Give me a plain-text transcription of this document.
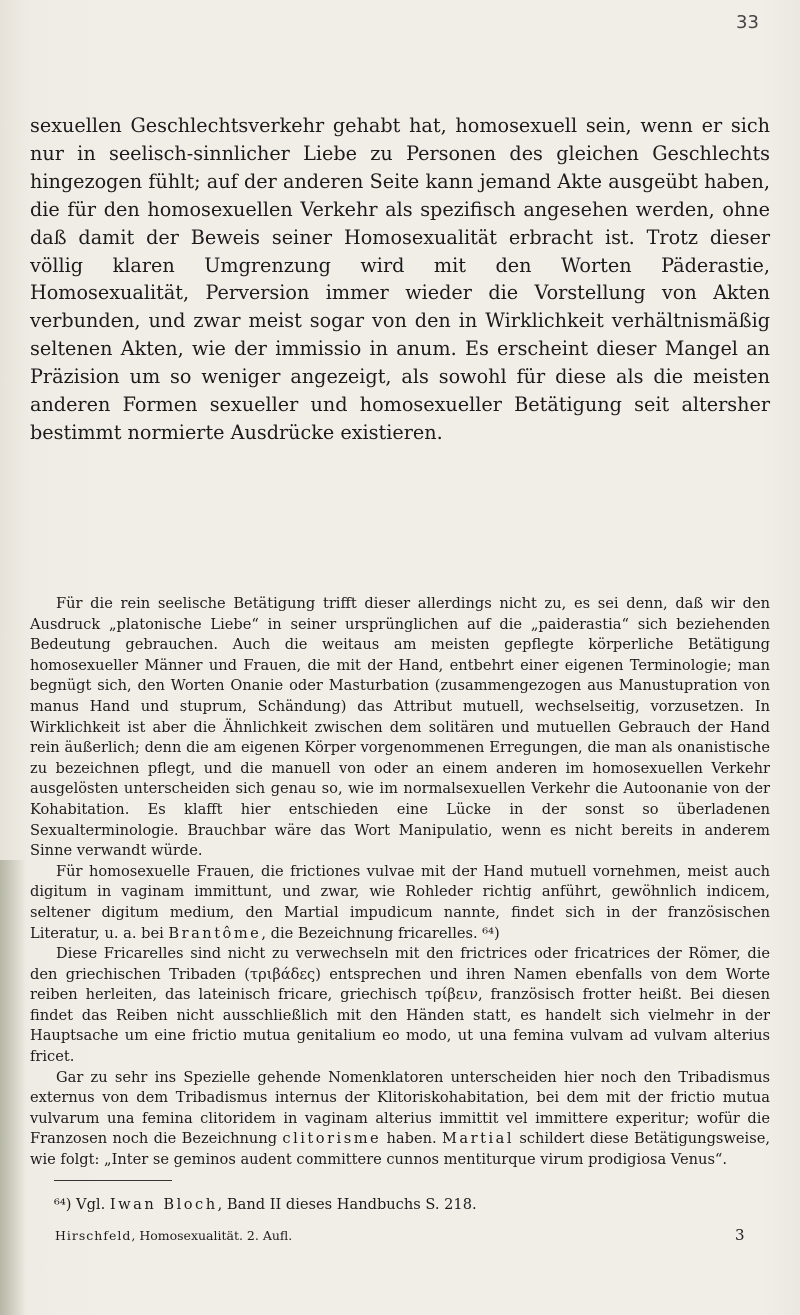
33

sexuellen Geschlechtsverkehr gehabt hat, homosexuell sein, wenn er sich nur in seelisch-sinnlicher Liebe zu Personen des gleichen Geschlechts hingezogen fühlt; auf der anderen Seite kann jemand Akte ausgeübt haben, die für den homosexuellen Verkehr als spezifisch angesehen werden, ohne daß damit der Beweis seiner Homosexualität erbracht ist. Trotz dieser völlig klaren Umgrenzung wird mit den Worten Päderastie, Homosexualität, Perversion immer wieder die Vorstellung von Akten verbunden, und zwar meist sogar von den in Wirklichkeit verhältnismäßig seltenen Akten, wie der immissio in anum. Es erscheint dieser Mangel an Präzision um so weniger angezeigt, als sowohl für diese als die meisten anderen Formen sexueller und homosexueller Betätigung seit altersher bestimmt normierte Ausdrücke existieren.

Für die rein seelische Betätigung trifft dieser allerdings nicht zu, es sei denn, daß wir den Ausdruck „platonische Liebe“ in seiner ursprünglichen auf die „paiderastia“ sich beziehenden Bedeutung gebrauchen. Auch die weitaus am meisten gepflegte körperliche Betätigung homosexueller Männer und Frauen, die mit der Hand, entbehrt einer eigenen Terminologie; man begnügt sich, den Worten Onanie oder Masturbation (zusammengezogen aus Manustupration von manus Hand und stuprum, Schändung) das Attribut mutuell, wechselseitig, vorzusetzen. In Wirklichkeit ist aber die Ähnlichkeit zwischen dem solitären und mutuellen Gebrauch der Hand rein äußerlich; denn die am eigenen Körper vorgenommenen Erregungen, die man als onanistische zu bezeichnen pflegt, und die manuell von oder an einem anderen im homosexuellen Verkehr ausgelösten unterscheiden sich genau so, wie im normalsexuellen Verkehr die Autoonanie von der Kohabitation. Es klafft hier entschieden eine Lücke in der sonst so überladenen Sexualterminologie. Brauchbar wäre das Wort Manipulatio, wenn es nicht bereits in anderem Sinne verwandt würde.

Für homosexuelle Frauen, die frictiones vulvae mit der Hand mutuell vornehmen, meist auch digitum in vaginam immittunt, und zwar, wie Rohleder richtig anführt, gewöhnlich indicem, seltener digitum medium, den Martial impudicum nannte, findet sich in der französischen Literatur, u. a. bei Brantôme, die Bezeichnung fricarelles. ⁶⁴)

Diese Fricarelles sind nicht zu verwechseln mit den frictrices oder fricatrices der Römer, die den griechischen Tribaden (τριβάδες) entsprechen und ihren Namen ebenfalls von dem Worte reiben herleiten, das lateinisch fricare, griechisch τρίβειν, französisch frotter heißt. Bei diesen findet das Reiben nicht ausschließlich mit den Händen statt, es handelt sich vielmehr in der Hauptsache um eine frictio mutua genitalium eo modo, ut una femina vulvam ad vulvam alterius fricet.

Gar zu sehr ins Spezielle gehende Nomenklatoren unterscheiden hier noch den Tribadismus externus von dem Tribadismus internus der Klitoriskohabitation, bei dem mit der frictio mutua vulvarum una femina clitoridem in vaginam alterius immittit vel immittere experitur; wofür die Franzosen noch die Bezeichnung clitorisme haben. Martial schildert diese Betätigungsweise, wie folgt: „Inter se geminos audent committere cunnos mentiturque virum prodigiosa Venus“.

⁶⁴) Vgl. Iwan Bloch, Band II dieses Handbuchs S. 218.

Hirschfeld, Homosexualität. 2. Aufl.	3
